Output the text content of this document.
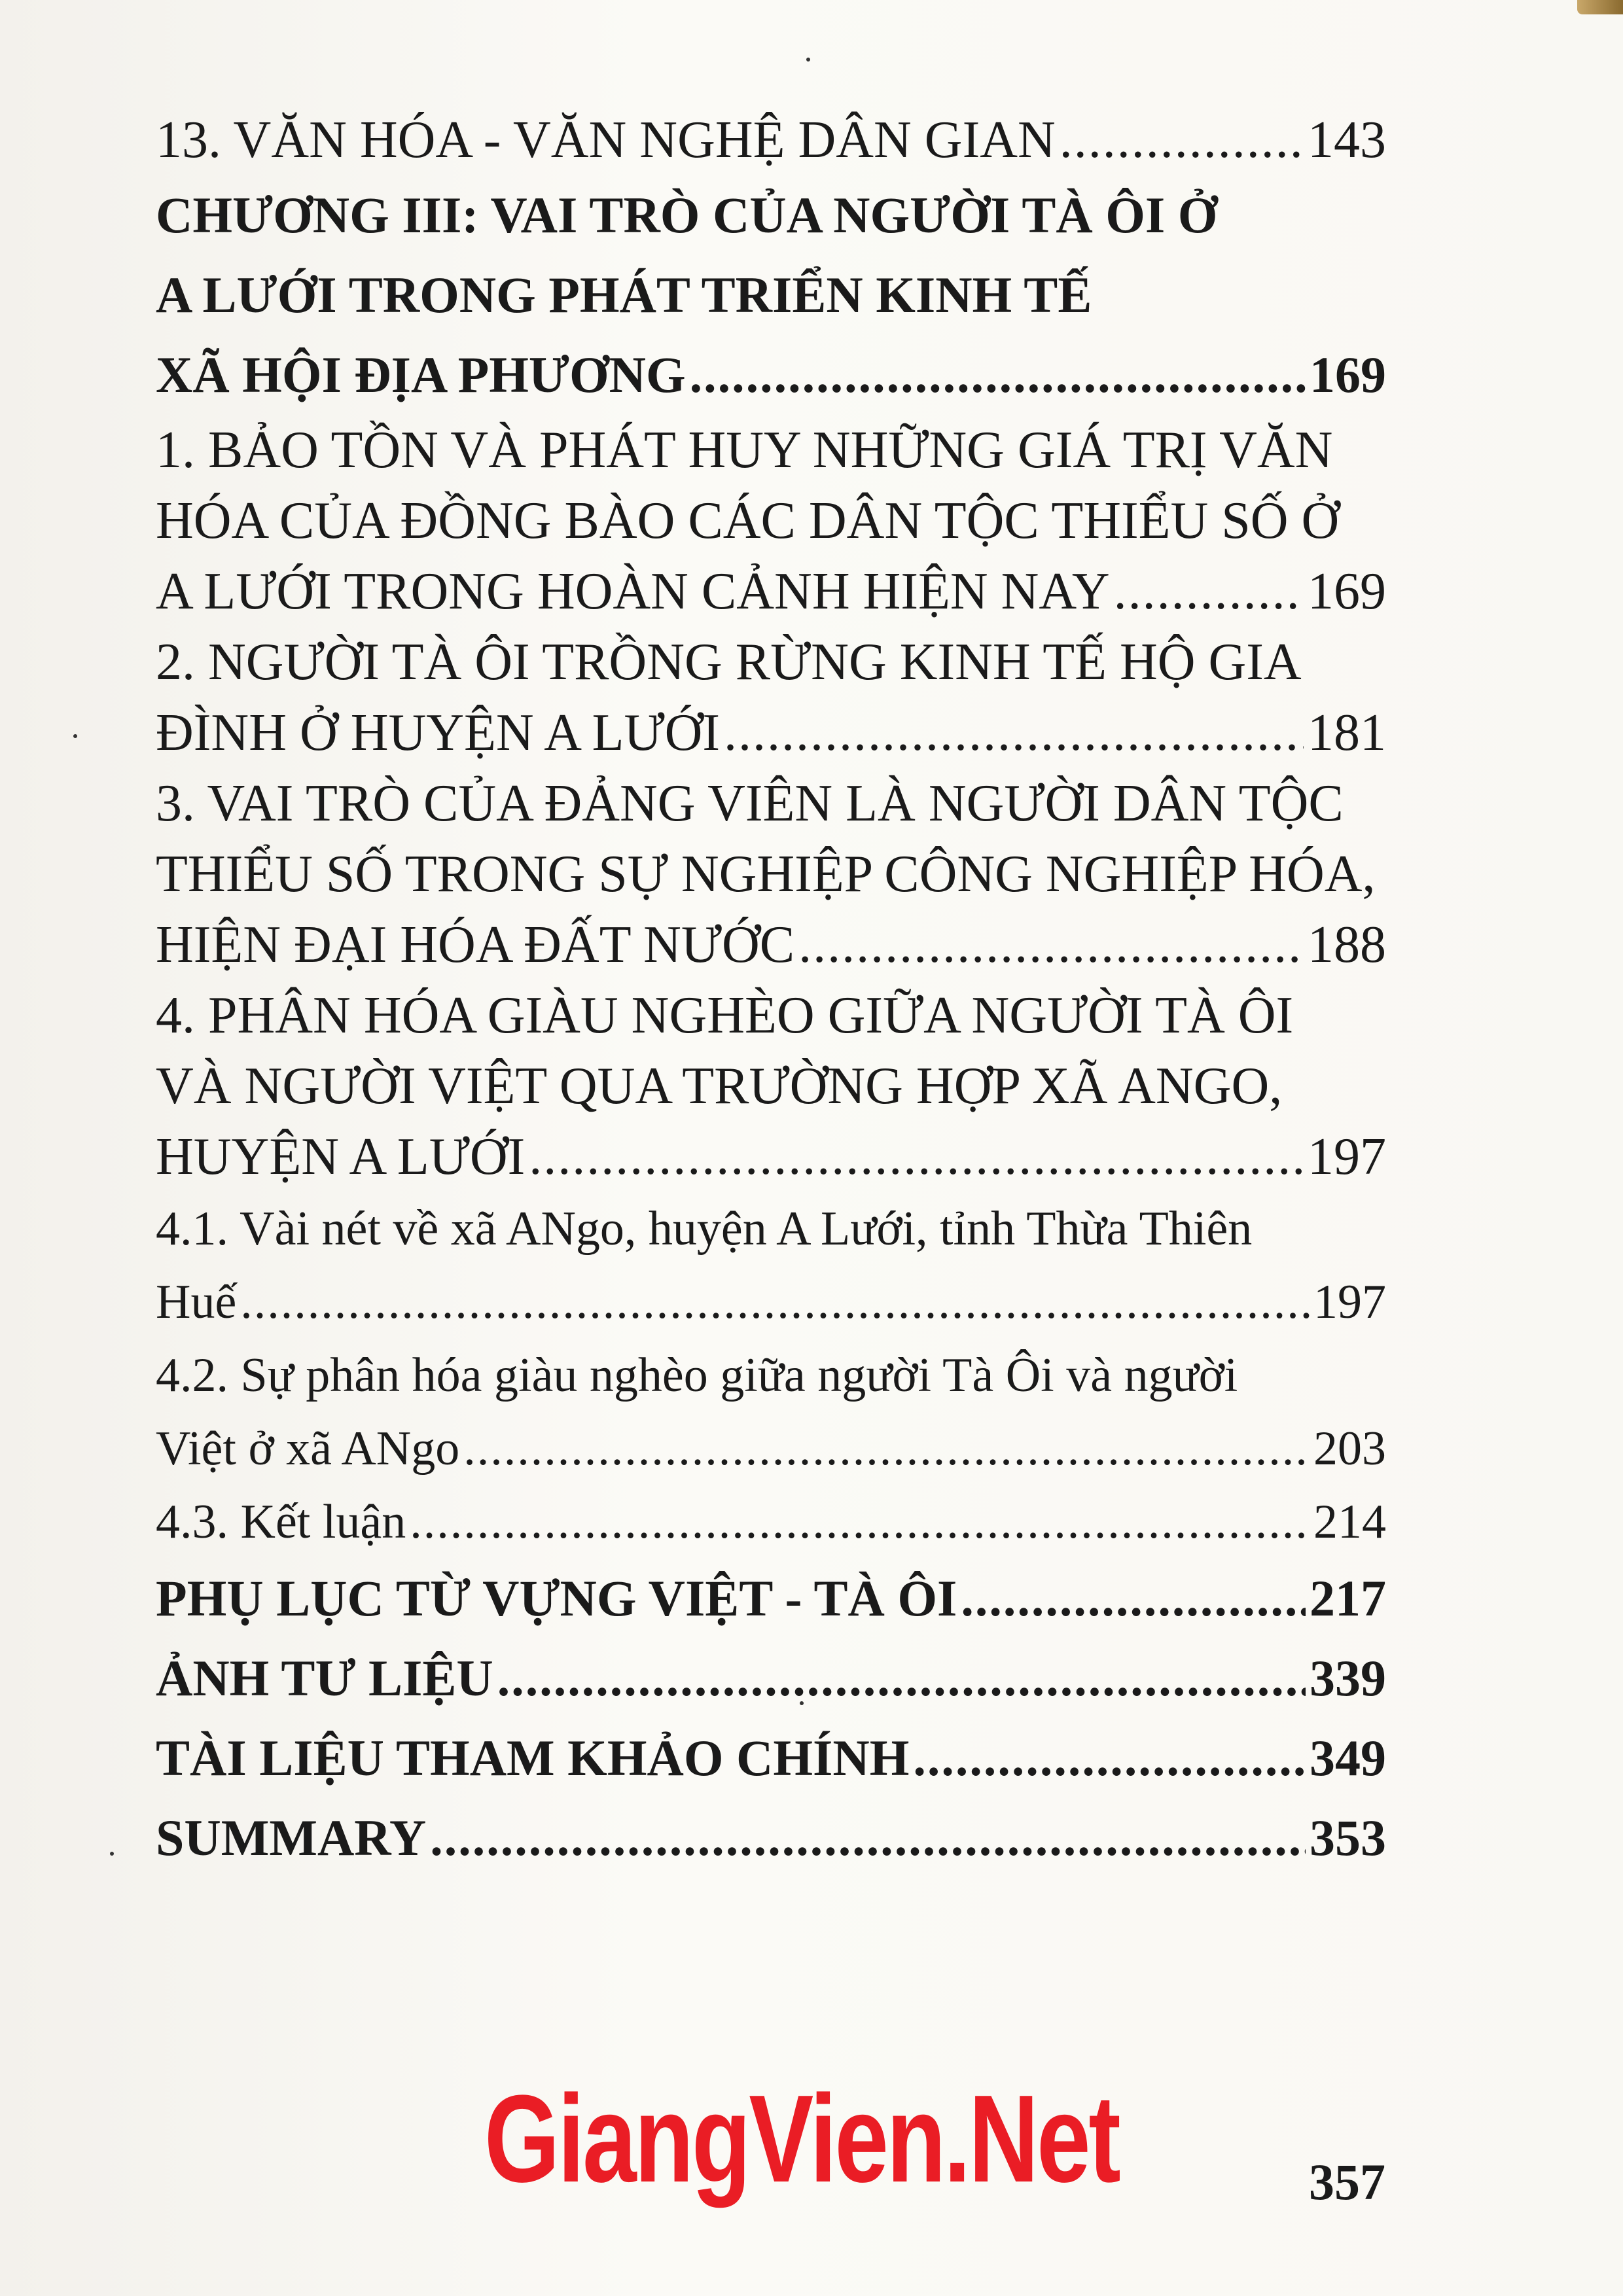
13. VĂN HÓA - VĂN NGHỆ DÂN GIAN .....	143
CHƯƠNG III: VAI TRÒ CỦA NGƯỜI TÀ ÔI Ở
A LƯỚI TRONG PHÁT TRIỂN KINH TẾ
XÃ HỘI ĐỊA PHƯƠNG .....	169
1. BẢO TỒN VÀ PHÁT HUY NHỮNG GIÁ TRỊ VĂN
HÓA CỦA ĐỒNG BÀO CÁC DÂN TỘC THIỂU SỐ Ở
A LƯỚI TRONG HOÀN CẢNH HIỆN NAY .....	169
2. NGƯỜI TÀ ÔI TRỒNG RỪNG KINH TẾ HỘ GIA
ĐÌNH Ở HUYỆN A LƯỚI .....	181
3. VAI TRÒ CỦA ĐẢNG VIÊN LÀ NGƯỜI DÂN TỘC
THIỂU SỐ TRONG SỰ NGHIỆP CÔNG NGHIỆP HÓA,
HIỆN ĐẠI HÓA ĐẤT NƯỚC .....	188
4. PHÂN HÓA GIÀU NGHÈO GIỮA NGƯỜI TÀ ÔI
VÀ NGƯỜI VIỆT QUA TRƯỜNG HỢP XÃ ANGO,
HUYỆN A LƯỚI .....	197
4.1. Vài nét về xã ANgo, huyện A Lưới, tỉnh Thừa Thiên
Huế .....	197
4.2. Sự phân hóa giàu nghèo giữa người Tà Ôi và người
Việt ở xã ANgo .....	203
4.3. Kết luận .....	214
PHỤ LỤC TỪ VỰNG VIỆT - TÀ ÔI .....	217
ẢNH TƯ LIỆU .....	339
TÀI LIỆU THAM KHẢO CHÍNH .....	349
SUMMARY .....	353
GiangVien.Net	357
